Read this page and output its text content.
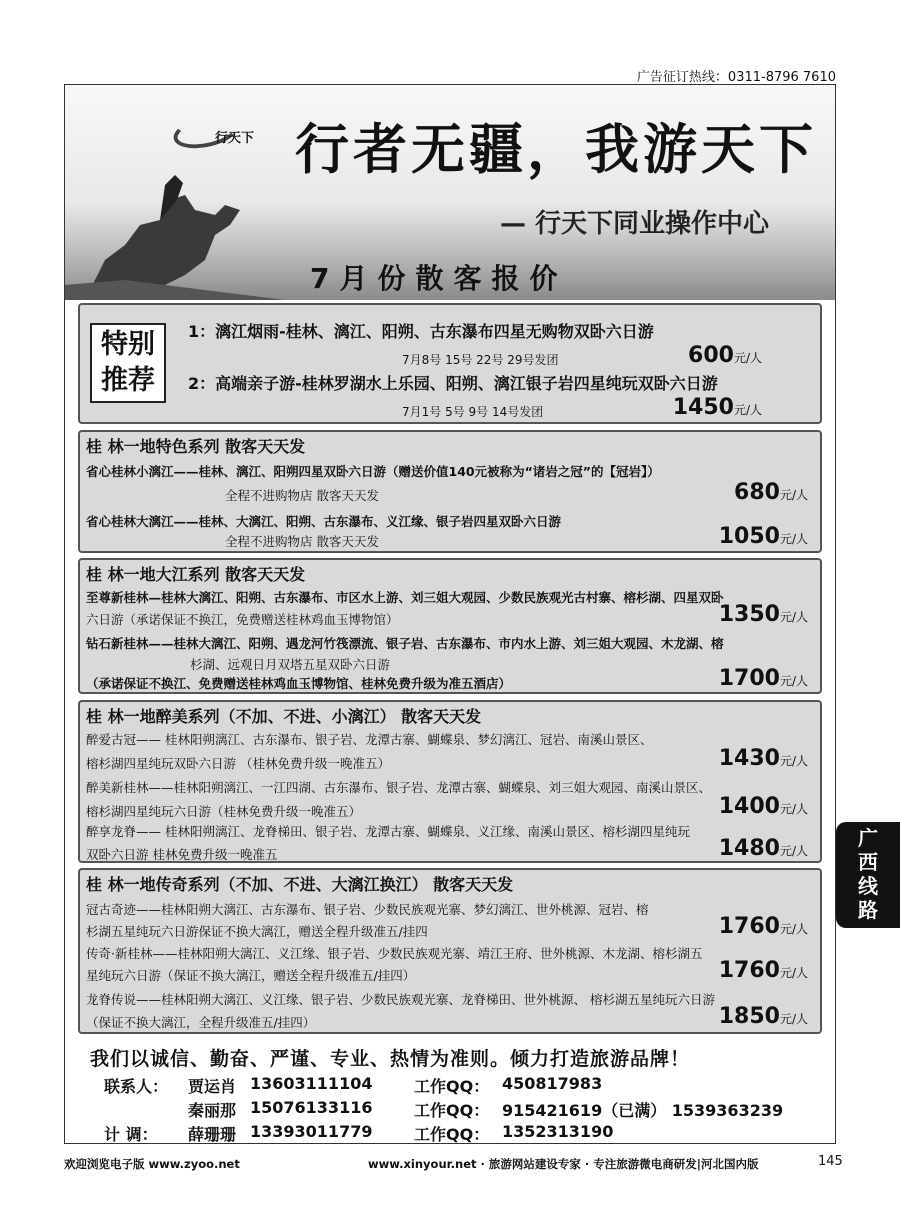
广告征订热线：0311-8796 7610
行天下 行者无疆，我游天下
— 行天下同业操作中心
7月份散客报价
特别
推荐
1：漓江烟雨-桂林、漓江、阳朔、古东瀑布四星无购物双卧六日游
7月8号 15号 22号 29号发团	600元/人
2：高端亲子游-桂林罗湖水上乐园、阳朔、漓江银子岩四星纯玩双卧六日游
7月1号 5号 9号 14号发团	1450元/人
桂 林一地特色系列 散客天天发
省心桂林小漓江——桂林、漓江、阳朔四星双卧六日游（赠送价值140元被称为“诸岩之冠”的【冠岩】）
全程不进购物店 散客天天发	680元/人
省心桂林大漓江——桂林、大漓江、阳朔、古东瀑布、义江缘、银子岩四星双卧六日游
全程不进购物店 散客天天发	1050元/人
桂 林一地大江系列 散客天天发
至尊新桂林—桂林大漓江、阳朔、古东瀑布、市区水上游、刘三姐大观园、少数民族观光古村寨、榕杉湖、四星双卧
六日游（承诺保证不换江，免费赠送桂林鸡血玉博物馆）	1350元/人
钻石新桂林——桂林大漓江、阳朔、遇龙河竹筏漂流、银子岩、古东瀑布、市内水上游、刘三姐大观园、木龙湖、榕
杉湖、远观日月双塔五星双卧六日游
（承诺保证不换江、免费赠送桂林鸡血玉博物馆、桂林免费升级为准五酒店）	1700元/人
桂 林一地醉美系列（不加、不进、小漓江） 散客天天发
醉爱古冠—— 桂林阳朔漓江、古东瀑布、银子岩、龙潭古寨、蝴蝶泉、梦幻漓江、冠岩、南溪山景区、
榕杉湖四星纯玩双卧六日游 （桂林免费升级一晚准五）	1430元/人
醉美新桂林——桂林阳朔漓江、一江四湖、古东瀑布、银子岩、龙潭古寨、蝴蝶泉、刘三姐大观园、南溪山景区、
榕杉湖四星纯玩六日游（桂林免费升级一晚准五）	1400元/人
醉享龙脊—— 桂林阳朔漓江、龙脊梯田、银子岩、龙潭古寨、蝴蝶泉、义江缘、南溪山景区、榕杉湖四星纯玩
双卧六日游 桂林免费升级一晚准五	1480元/人
桂 林一地传奇系列（不加、不进、大漓江换江） 散客天天发
冠古奇迹——桂林阳朔大漓江、古东瀑布、银子岩、少数民族观光寨、梦幻漓江、世外桃源、冠岩、榕
杉湖五星纯玩六日游保证不换大漓江，赠送全程升级准五/挂四	1760元/人
传奇·新桂林——桂林阳朔大漓江、义江缘、银子岩、少数民族观光寨、靖江王府、世外桃源、木龙湖、榕杉湖五
星纯玩六日游（保证不换大漓江，赠送全程升级准五/挂四）	1760元/人
龙脊传说——桂林阳朔大漓江、义江缘、银子岩、少数民族观光寨、龙脊梯田、世外桃源、 榕杉湖五星纯玩六日游
（保证不换大漓江，全程升级准五/挂四）	1850元/人
我们以诚信、勤奋、严谨、专业、热情为准则。倾力打造旅游品牌！
联系人： 贾运肖 13603111104	工作QQ： 450817983
秦丽那 15076133116	工作QQ： 915421619（已满） 1539363239
计 调： 薛珊珊 13393011779	工作QQ： 1352313190
广
西
线
路
欢迎浏览电子版 www.zyoo.net	www.xinyour.net · 旅游网站建设专家 · 专注旅游微电商研发|河北国内版	145
